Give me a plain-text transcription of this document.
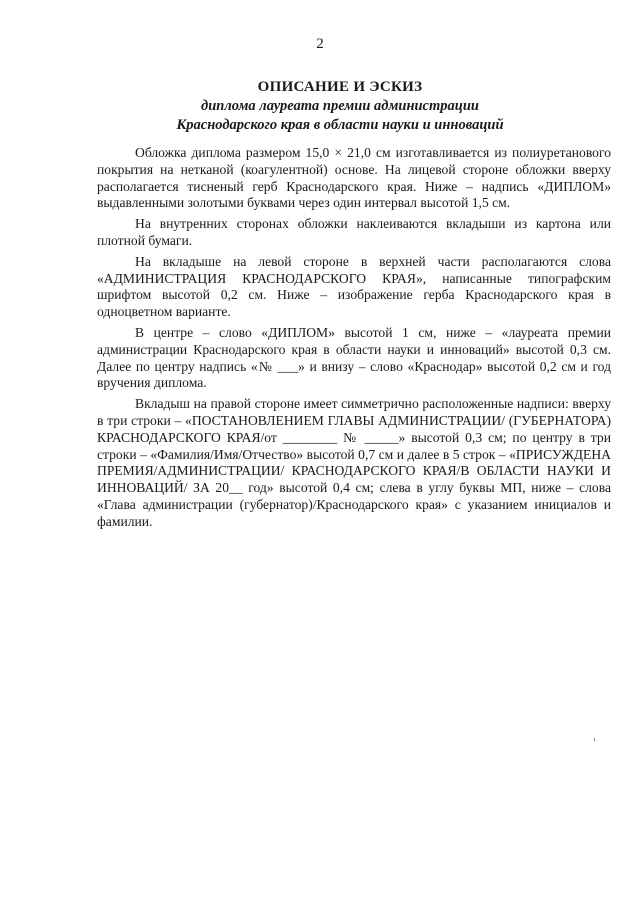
2
ОПИСАНИЕ И ЭСКИЗ
диплома лауреата премии администрации
Краснодарского края в области науки и инноваций

Обложка диплома размером 15,0 × 21,0 см изготавливается из полиуретанового покрытия на нетканой (коагулентной) основе. На лицевой стороне обложки вверху располагается тисненый герб Краснодарского края. Ниже – надпись «ДИПЛОМ» выдавленными золотыми буквами через один интервал высотой 1,5 см.

На внутренних сторонах обложки наклеиваются вкладыши из картона или плотной бумаги.

На вкладыше на левой стороне в верхней части располагаются слова «АДМИНИСТРАЦИЯ КРАСНОДАРСКОГО КРАЯ», написанные типографским шрифтом высотой 0,2 см. Ниже – изображение герба Краснодарского края в одноцветном варианте.

В центре – слово «ДИПЛОМ» высотой 1 см, ниже – «лауреата премии администрации Краснодарского края в области науки и инноваций» высотой 0,3 см. Далее по центру надпись «№ ___» и внизу – слово «Краснодар» высотой 0,2 см и год вручения диплома.

Вкладыш на правой стороне имеет симметрично расположенные надписи: вверху в три строки – «ПОСТАНОВЛЕНИЕМ ГЛАВЫ АДМИНИСТРАЦИИ/ (ГУБЕРНАТОРА) КРАСНОДАРСКОГО КРАЯ/от ________ № _____» высотой 0,3 см; по центру в три строки – «Фамилия/Имя/Отчество» высотой 0,7 см и далее в 5 строк – «ПРИСУЖДЕНА ПРЕМИЯ/АДМИНИСТРАЦИИ/ КРАСНОДАРСКОГО КРАЯ/В ОБЛАСТИ НАУКИ И ИННОВАЦИЙ/ ЗА 20__ год» высотой 0,4 см; слева в углу буквы МП, ниже – слова «Глава администрации (губернатор)/Краснодарского края» с указанием инициалов и фамилии.
